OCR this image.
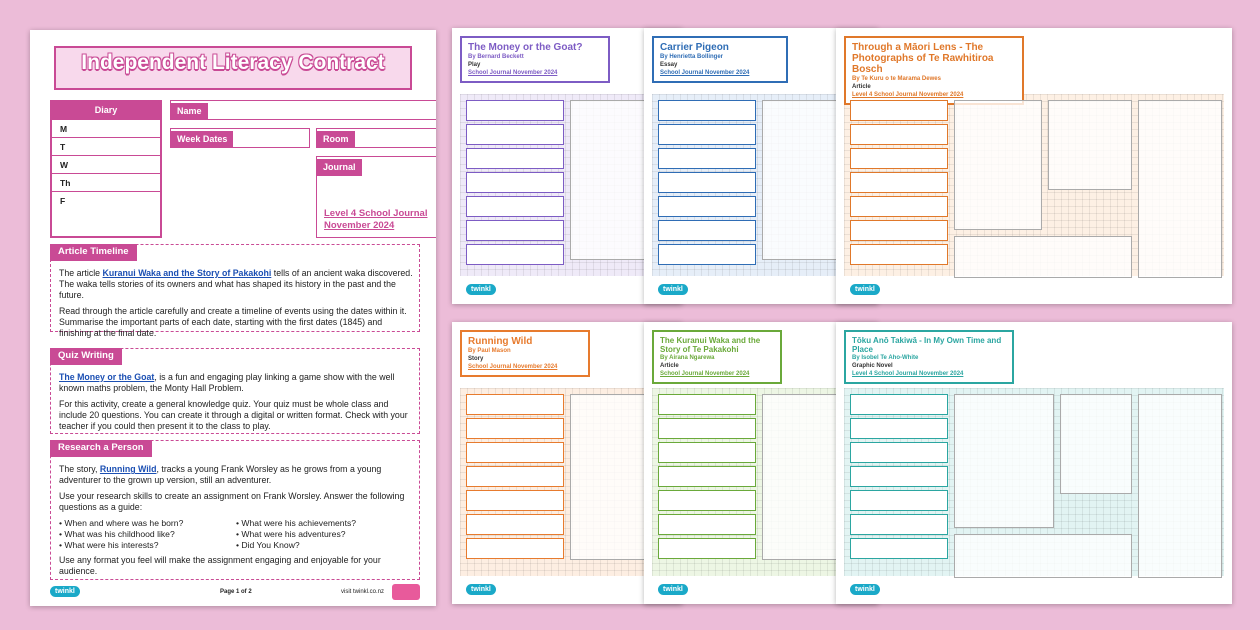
Independent Literacy Contract
Diary
M
T
W
Th
F
Name
Week Dates	Room
Journal
Level 4 School Journal November 2024
Article Timeline

The article Kuranui Waka and the Story of Pakakohi tells of an ancient waka discovered. The waka tells stories of its owners and what has shaped its history in the past and the future.

Read through the article carefully and create a timeline of events using the dates within it. Summarise the important parts of each date, starting with the first dates (1845) and finishing at the final date.

Quiz Writing

The Money or the Goat, is a fun and engaging play linking a game show with the well known maths problem, the Monty Hall Problem.

For this activity, create a general knowledge quiz. Your quiz must be whole class and include 20 questions. You can create it through a digital or written format. Check with your teacher if you could then present it to the class to play.

Research a Person

The story, Running Wild, tracks a young Frank Worsley as he grows from a young adventurer to the grown up version, still an adventurer.

Use your research skills to create an assignment on Frank Worsley. Answer the following questions as a guide:

• When and where was he born?	• What were his achievements?
• What was his childhood like?	• What were his adventures?
• What were his interests?	• Did You Know?

Use any format you feel will make the assignment engaging and enjoyable for your audience.

twinkl	Page 1 of 2	visit twinkl.co.nz
The Money or the Goat?
By Bernard Beckett
Play
School Journal November 2024
twinkl
Carrier Pigeon
By Henrietta Bollinger
Essay
School Journal November 2024
twinkl
Through a Māori Lens - The Photographs of Te Rawhitiroa Bosch
By Te Kuru o te Marama Dewes
Article
Level 4 School Journal November 2024
twinkl
Running Wild
By Paul Mason
Story
School Journal November 2024
twinkl
The Kuranui Waka and the Story of Te Pakakohi
By Airana Ngarewa
Article
School Journal November 2024
twinkl
Tōku Anō Takiwā - In My Own Time and Place
By Isobel Te Aho-White
Graphic Novel
Level 4 School Journal November 2024
twinkl
